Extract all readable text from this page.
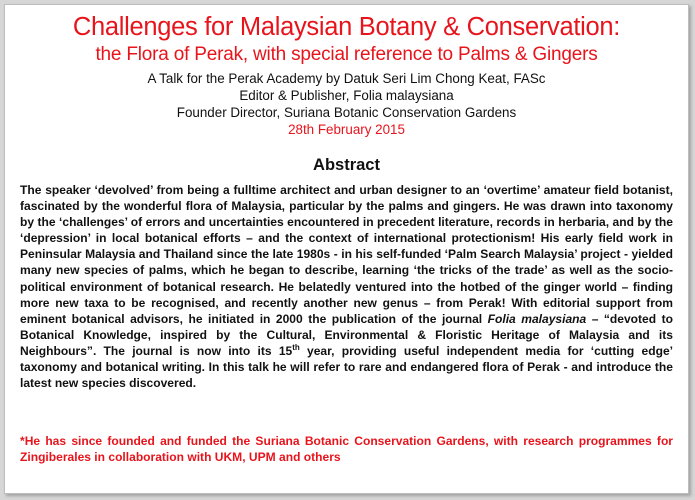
Challenges for Malaysian Botany & Conservation:
the Flora of Perak, with special reference to Palms & Gingers
A Talk for the Perak Academy by Datuk Seri Lim Chong Keat, FASc
Editor & Publisher, Folia malaysiana
Founder Director, Suriana Botanic Conservation Gardens
28th February 2015
Abstract
The speaker ‘devolved’ from being a fulltime architect and urban designer to an ‘overtime’ amateur field botanist, fascinated by the wonderful flora of Malaysia, particular by the palms and gingers. He was drawn into taxonomy by the ‘challenges’ of errors and uncertainties encountered in precedent literature, records in herbaria, and by the ‘depression’ in local botanical efforts – and the context of international protectionism! His early field work in Peninsular Malaysia and Thailand since the late 1980s - in his self-funded ‘Palm Search Malaysia’ project - yielded many new species of palms, which he began to describe, learning ‘the tricks of the trade’ as well as the socio-political environment of botanical research. He belatedly ventured into the hotbed of the ginger world – finding more new taxa to be recognised, and recently another new genus – from Perak! With editorial support from eminent botanical advisors, he initiated in 2000 the publication of the journal Folia malaysiana – “devoted to Botanical Knowledge, inspired by the Cultural, Environmental & Floristic Heritage of Malaysia and its Neighbours”. The journal is now into its 15th year, providing useful independent media for ‘cutting edge’ taxonomy and botanical writing. In this talk he will refer to rare and endangered flora of Perak - and introduce the latest new species discovered.
*He has since founded and funded the Suriana Botanic Conservation Gardens, with research programmes for Zingiberales in collaboration with UKM, UPM and others
